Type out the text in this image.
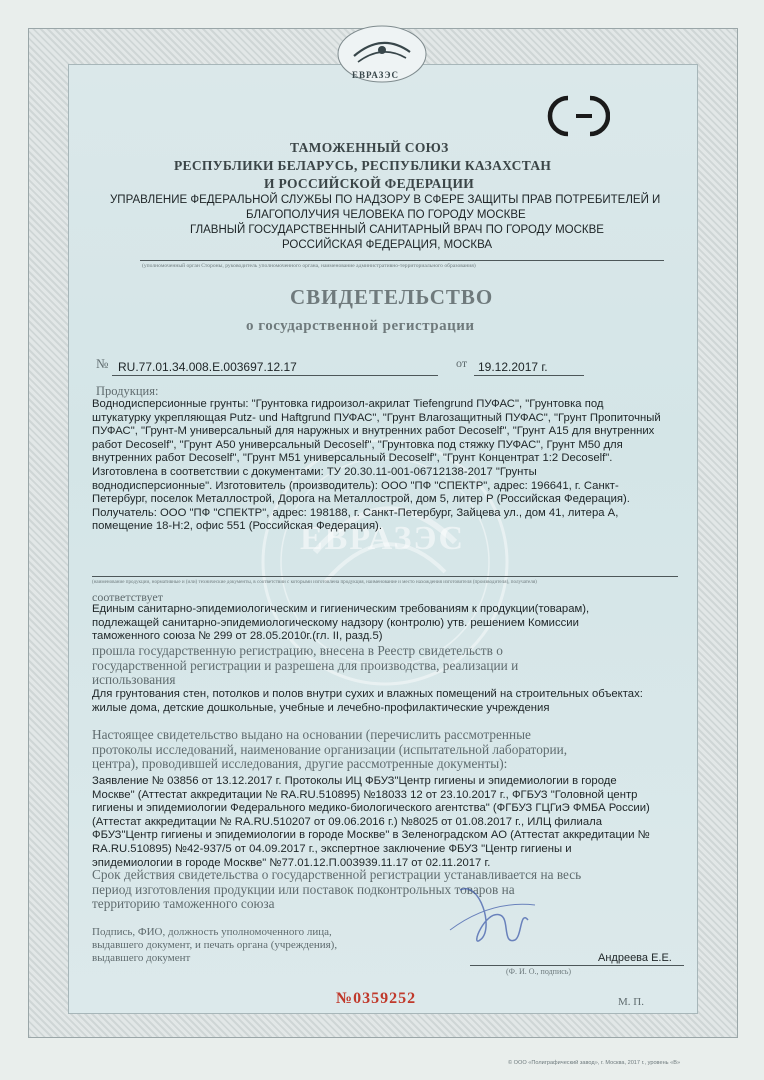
ЕВРАЗЭС
ТАМОЖЕННЫЙ СОЮЗ
РЕСПУБЛИКИ БЕЛАРУСЬ, РЕСПУБЛИКИ КАЗАХСТАН
И РОССИЙСКОЙ ФЕДЕРАЦИИ
УПРАВЛЕНИЕ ФЕДЕРАЛЬНОЙ СЛУЖБЫ ПО НАДЗОРУ В СФЕРЕ ЗАЩИТЫ ПРАВ ПОТРЕБИТЕЛЕЙ И
БЛАГОПОЛУЧИЯ ЧЕЛОВЕКА ПО ГОРОДУ МОСКВЕ
ГЛАВНЫЙ ГОСУДАРСТВЕННЫЙ САНИТАРНЫЙ ВРАЧ ПО ГОРОДУ МОСКВЕ
РОССИЙСКАЯ ФЕДЕРАЦИЯ, МОСКВА
(уполномоченный орган Стороны, руководитель уполномоченного органа, наименование административно-территориального образования)
СВИДЕТЕЛЬСТВО
о государственной регистрации
№ RU.77.01.34.008.Е.003697.12.17	от 19.12.2017 г.
ЕВРАЗЭС
Продукция:
Воднодисперсионные грунты: "Грунтовка гидроизол-акрилат Tiefengrund ПУФАС", "Грунтовка под
штукатурку укрепляющая Putz- und Haftgrund ПУФАС", "Грунт Влагозащитный ПУФАС", "Грунт Пропиточный
ПУФАС", "Грунт-М универсальный для наружных и внутренних работ Decoself", "Грунт А15 для внутренних
работ Decoself", "Грунт А50 универсальный Decoself", "Грунтовка под стяжку ПУФАС", Грунт М50 для
внутренних работ Decoself", "Грунт М51 универсальный Decoself", "Грунт Концентрат 1:2 Decoself".
Изготовлена в соответствии с документами: ТУ 20.30.11-001-06712138-2017 "Грунты
воднодисперсионные". Изготовитель (производитель): ООО "ПФ "СПЕКТР", адрес: 196641, г. Санкт-
Петербург, поселок Металлострой, Дорога на Металлострой, дом 5, литер Р (Российская Федерация).
Получатель: ООО "ПФ "СПЕКТР", адрес: 198188, г. Санкт-Петербург, Зайцева ул., дом 41, литера А,
помещение 18-Н:2, офис 551 (Российская Федерация).
(наименование продукции, нормативные и (или) технические документы, в соответствии с которыми изготовлена продукция, наименование и место нахождения изготовителя (производителя), получателя)
соответствует
Единым санитарно-эпидемиологическим и гигиеническим требованиям к продукции(товарам),
подлежащей санитарно-эпидемиологическому надзору (контролю) утв. решением Комиссии
таможенного союза № 299 от 28.05.2010г.(гл. II, разд.5)
прошла государственную регистрацию, внесена в Реестр свидетельств о
государственной регистрации и разрешена для производства, реализации и
использования
Для грунтования стен, потолков и полов внутри сухих и влажных помещений на строительных объектах:
жилые дома, детские дошкольные, учебные и лечебно-профилактические учреждения
Настоящее свидетельство выдано на основании (перечислить рассмотренные
протоколы исследований, наименование организации (испытательной лаборатории,
центра), проводившей исследования, другие рассмотренные документы):
Заявление № 03856 от 13.12.2017 г. Протоколы ИЦ ФБУЗ"Центр гигиены и эпидемиологии в городе
Москве" (Аттестат аккредитации № RA.RU.510895) №18033 12 от 23.10.2017 г., ФГБУЗ "Головной центр
гигиены и эпидемиологии Федерального медико-биологического агентства" (ФГБУЗ ГЦГиЭ ФМБА России)
(Аттестат аккредитации № RA.RU.510207 от 09.06.2016 г.) №8025 от 01.08.2017 г., ИЛЦ филиала
ФБУЗ"Центр гигиены и эпидемиологии в городе Москве" в Зеленоградском АО (Аттестат аккредитации №
RA.RU.510895) №42-937/5 от 04.09.2017 г., экспертное заключение ФБУЗ "Центр гигиены и
эпидемиологии в городе Москве" №77.01.12.П.003939.11.17 от 02.11.2017 г.
Срок действия свидетельства о государственной регистрации устанавливается на весь
период изготовления продукции или поставок подконтрольных товаров на
территорию таможенного союза
Подпись, ФИО, должность уполномоченного лица,
выдавшего документ, и печать органа (учреждения),
выдавшего документ	Андреева Е.Е.
(Ф. И. О., подпись)
№0359252	М. П.
© ООО «Полиграфический завод», г. Москва, 2017 г., уровень «В»
